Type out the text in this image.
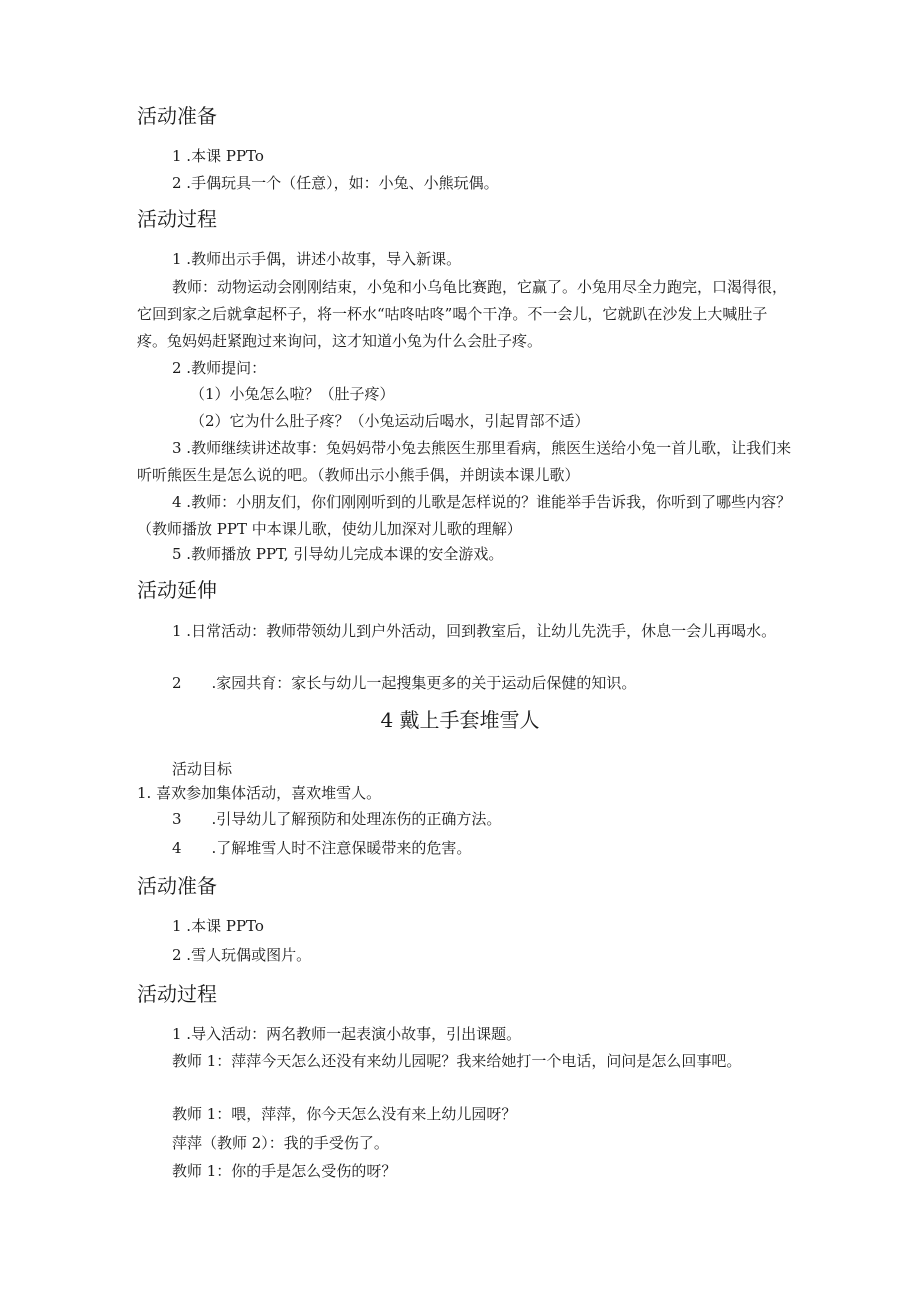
活动准备
1 .本课 PPTo
2 .手偶玩具一个（任意），如：小兔、小熊玩偶。
活动过程
1 .教师出示手偶，讲述小故事，导入新课。
教师：动物运动会刚刚结束，小兔和小乌龟比赛跑，它赢了。小兔用尽全力跑完，口渴得很，它回到家之后就拿起杯子，将一杯水“咕咚咕咚”喝个干净。不一会儿，它就趴在沙发上大喊肚子疼。兔妈妈赶紧跑过来询问，这才知道小兔为什么会肚子疼。
2 .教师提问：
（1）小兔怎么啦？（肚子疼）
（2）它为什么肚子疼？（小兔运动后喝水，引起胃部不适）
3 .教师继续讲述故事：兔妈妈带小兔去熊医生那里看病，熊医生送给小兔一首儿歌，让我们来听听熊医生是怎么说的吧。（教师出示小熊手偶，并朗读本课儿歌）
4 .教师：小朋友们，你们刚刚听到的儿歌是怎样说的？谁能举手告诉我，你听到了哪些内容？（教师播放 PPT 中本课儿歌，使幼儿加深对儿歌的理解）
5 .教师播放 PPT, 引导幼儿完成本课的安全游戏。
活动延伸
1 .日常活动：教师带领幼儿到户外活动，回到教室后，让幼儿先洗手，休息一会儿再喝水。
2　　.家园共育：家长与幼儿一起搜集更多的关于运动后保健的知识。
4 戴上手套堆雪人
活动目标
1. 喜欢参加集体活动，喜欢堆雪人。
3　　.引导幼儿了解预防和处理冻伤的正确方法。
4　　.了解堆雪人时不注意保暖带来的危害。
活动准备
1 .本课 PPTo
2 .雪人玩偶或图片。
活动过程
1 .导入活动：两名教师一起表演小故事，引出课题。
教师 1：萍萍今天怎么还没有来幼儿园呢？我来给她打一个电话，问问是怎么回事吧。
教师 1：喂，萍萍，你今天怎么没有来上幼儿园呀？
萍萍（教师 2）：我的手受伤了。
教师 1：你的手是怎么受伤的呀？
